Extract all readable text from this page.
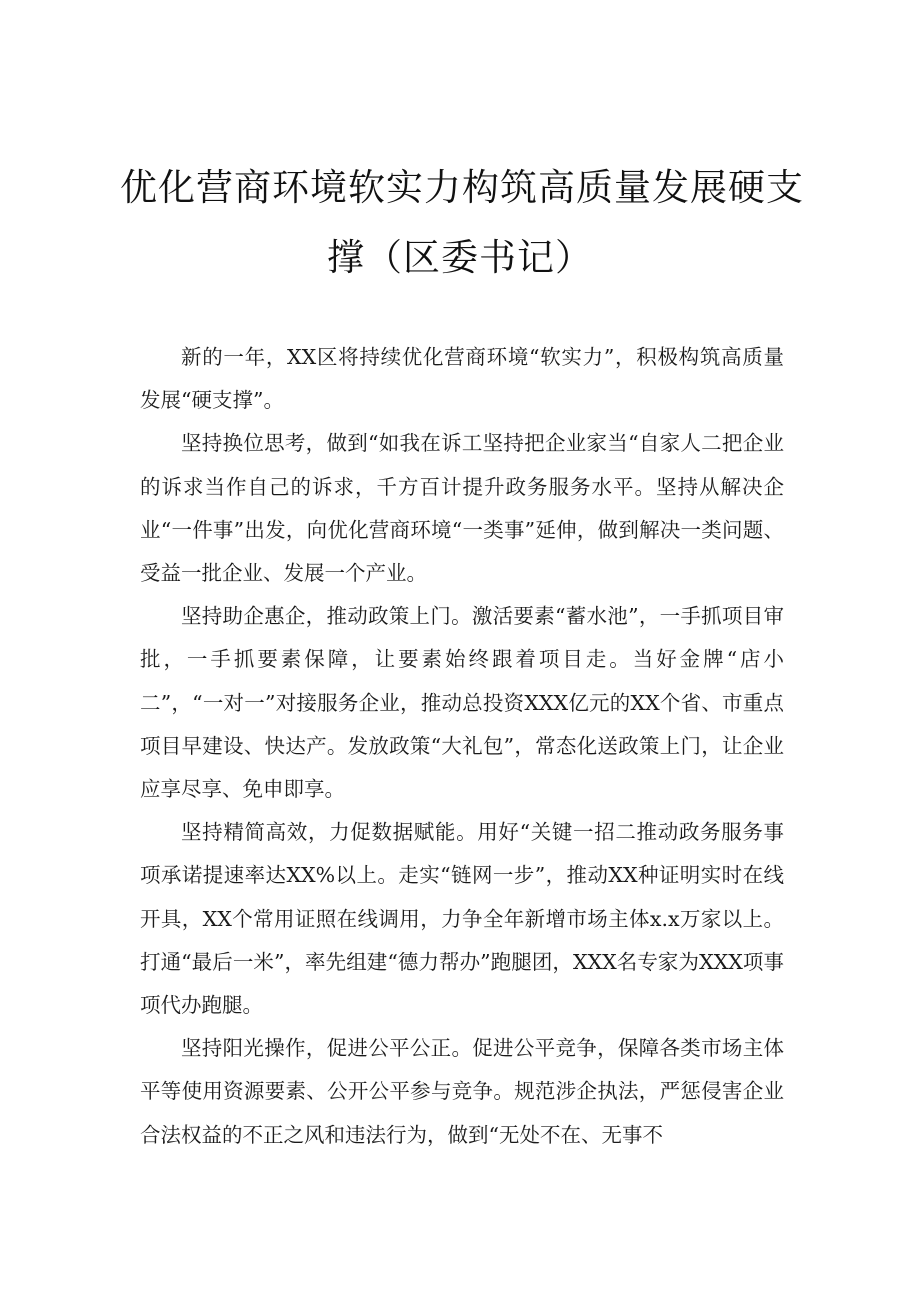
优化营商环境软实力构筑高质量发展硬支
撑（区委书记）

新的一年，XX区将持续优化营商环境“软实力”，积极构筑高质量发展“硬支撑”。

坚持换位思考，做到“如我在诉工坚持把企业家当“自家人二把企业的诉求当作自己的诉求，千方百计提升政务服务水平。坚持从解决企业“一件事”出发，向优化营商环境“一类事”延伸，做到解决一类问题、受益一批企业、发展一个产业。

坚持助企惠企，推动政策上门。激活要素“蓄水池”，一手抓项目审批，一手抓要素保障，让要素始终跟着项目走。当好金牌“店小二”，“一对一”对接服务企业，推动总投资XXX亿元的XX个省、市重点项目早建设、快达产。发放政策“大礼包”，常态化送政策上门，让企业应享尽享、免申即享。

坚持精简高效，力促数据赋能。用好“关键一招二推动政务服务事项承诺提速率达XX%以上。走实“链网一步”，推动XX种证明实时在线开具，XX个常用证照在线调用，力争全年新增市场主体x.x万家以上。打通“最后一米”，率先组建“德力帮办”跑腿团，XXX名专家为XXX项事项代办跑腿。

坚持阳光操作，促进公平公正。促进公平竞争，保障各类市场主体平等使用资源要素、公开公平参与竞争。规范涉企执法，严惩侵害企业合法权益的不正之风和违法行为，做到“无处不在、无事不
